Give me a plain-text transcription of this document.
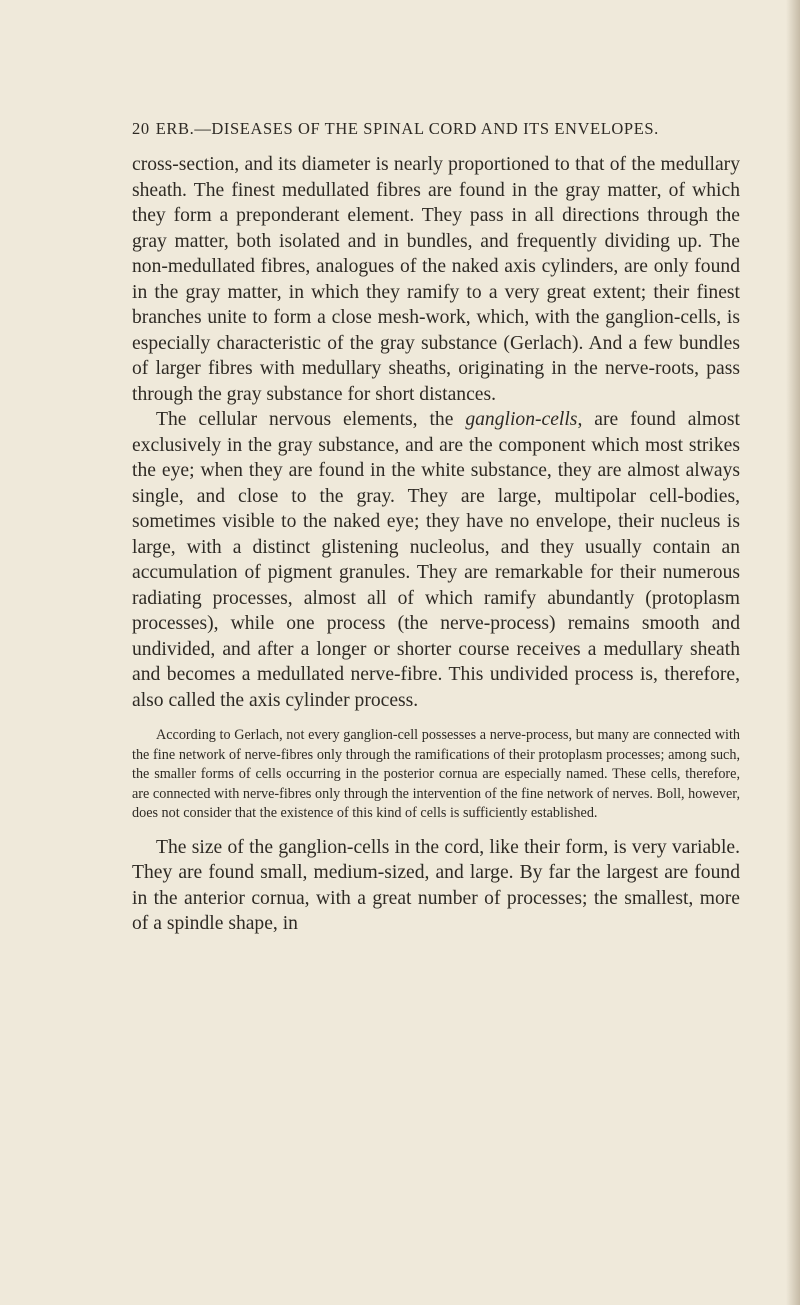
20 ERB.—DISEASES OF THE SPINAL CORD AND ITS ENVELOPES.

cross-section, and its diameter is nearly proportioned to that of the medullary sheath. The finest medullated fibres are found in the gray matter, of which they form a preponderant element. They pass in all directions through the gray matter, both isolated and in bundles, and frequently dividing up. The non-medullated fibres, analogues of the naked axis cylinders, are only found in the gray matter, in which they ramify to a very great extent; their finest branches unite to form a close mesh-work, which, with the ganglion-cells, is especially characteristic of the gray substance (Gerlach). And a few bundles of larger fibres with medullary sheaths, originating in the nerve-roots, pass through the gray substance for short distances.

The cellular nervous elements, the ganglion-cells, are found almost exclusively in the gray substance, and are the component which most strikes the eye; when they are found in the white substance, they are almost always single, and close to the gray. They are large, multipolar cell-bodies, sometimes visible to the naked eye; they have no envelope, their nucleus is large, with a distinct glistening nucleolus, and they usually contain an accumulation of pigment granules. They are remarkable for their numerous radiating processes, almost all of which ramify abundantly (protoplasm processes), while one process (the nerve-process) remains smooth and undivided, and after a longer or shorter course receives a medullary sheath and becomes a medullated nerve-fibre. This undivided process is, therefore, also called the axis cylinder process.

According to Gerlach, not every ganglion-cell possesses a nerve-process, but many are connected with the fine network of nerve-fibres only through the ramifications of their protoplasm processes; among such, the smaller forms of cells occurring in the posterior cornua are especially named. These cells, therefore, are connected with nerve-fibres only through the intervention of the fine network of nerves. Boll, however, does not consider that the existence of this kind of cells is sufficiently established.

The size of the ganglion-cells in the cord, like their form, is very variable. They are found small, medium-sized, and large. By far the largest are found in the anterior cornua, with a great number of processes; the smallest, more of a spindle shape, in
